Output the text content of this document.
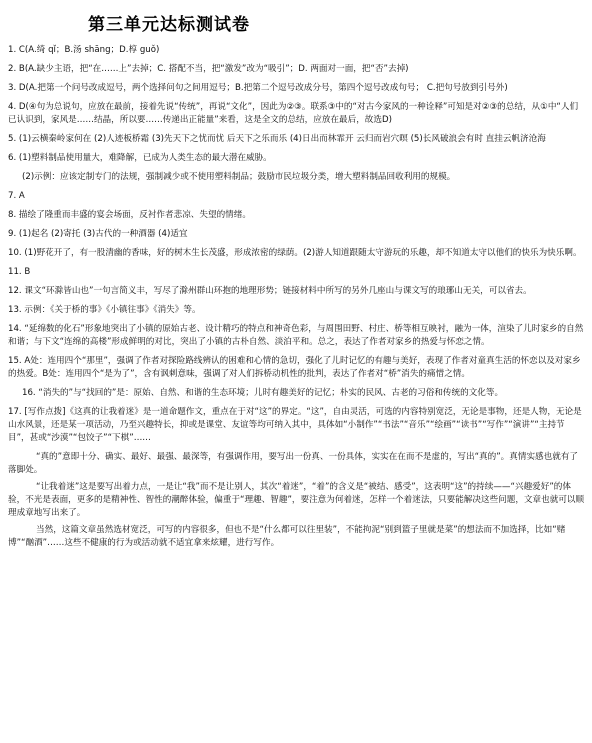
第三单元达标测试卷
1. C(A.绮 qǐ；B.汤 shāng；D.椁 guǒ)
2. B(A.缺少主语，把“在……上”去掉；C. 搭配不当，把“激发”改为“吸引”；D. 两面对一面，把“否”去掉)
3. D(A.把第一个问号改成逗号，两个选择问句之间用逗号；B.把第二个逗号改成分号，第四个逗号改成句号； C.把句号放到引号外)
4. D(④句为总说句，应放在最前，接着先说“传统”，再说“文化”，因此为②③。联系③中的“对古今家风的一种诠释”可知是对②③的总结，从①中“人们已认识到，家风是……结晶，所以要……传递出正能量”来看，这是全文的总结，应放在最后，故选D)
5. (1)云横秦岭家何在 (2)人迹板桥霜 (3)先天下之忧而忧 后天下之乐而乐 (4)日出而林霏开 云归而岩穴暝 (5)长风破浪会有时 直挂云帆济沧海
6. (1)塑料制品使用量大，难降解，已成为人类生态的最大潜在威胁。
(2)示例：应该定制专门的法规，强制减少或不使用塑料制品；鼓励市民垃圾分类，增大塑料制品回收利用的规模。
7. A
8. 描绘了隆重而丰盛的宴会场面，反衬作者悲凉、失望的情绪。
9. (1)起名 (2)寄托 (3)古代的一种酒器 (4)适宜
10. (1)野花开了，有一股清幽的香味，好的树木生长茂盛，形成浓密的绿荫。(2)游人知道跟随太守游玩的乐趣，却不知道太守以他们的快乐为快乐啊。
11. B
12. 课文“环滁皆山也”一句言简义丰，写尽了滁州群山环抱的地理形势；链接材料中所写的另外几座山与课文写的琅琊山无关，可以省去。
13. 示例：《关于桥的事》《小镇往事》《消失》等。
14. “延绵数的化石”形象地突出了小镇的原始古老、设计精巧的特点和神奇色彩，与周围田野、村庄、桥等相互映衬，融为一体，渲染了儿时家乡的自然和谐；与下文“连绵的高楼”形成鲜明的对比，突出了小镇的古朴自然、淡泊平和。总之，表达了作者对家乡的热爱与怀恋之情。
15. A处：连用四个“那里”，强调了作者对探险路线辨认的困难和心情的急切，强化了儿时记忆的有趣与美好，表现了作者对童真生活的怀恋以及对家乡的热爱。B处：连用四个“是为了”，含有讽刺意味，强调了对人们拆桥动机性的批判，表达了作者对“桥”消失的痛惜之情。
16. “消失的”与“找回的”是：原始、自然、和谐的生态环境；儿时有趣美好的记忆；朴实的民风、古老的习俗和传统的文化等。
17. [写作点拨]《这真的让我着迷》是一道命题作文，重点在于对“这”的界定。“这”，自由灵活，可选的内容特别宽泛，无论是事物，还是人物，无论是山水风景，还是某一项活动，乃至兴趣特长，抑或是课堂、友谊等均可纳入其中，具体如“小制作”“书法”“音乐”“绘画”“读书”“写作”“演讲”“主持节目”，甚或“沙漠”“包饺子”“下棋”……
“真的”意即十分、确实、最好、最强、最深等，有强调作用，要写出一份真、一份具体，实实在在而不是虚的，写出“真的”。真情实感也就有了落脚处。
“让我着迷”这是要写出着力点，一是让“我”而不是让别人，其次“着迷”，“着”的含义是“被结、感受”，这表明“这”的持续——“兴趣爱好”的体验，不光是表面，更多的是精神性、智性的潮醉体验，偏重于“理趣、智趣”，要注意为何着迷，怎样一个着迷法，只要能解决这些问题，文章也就可以顺理成章地写出来了。
当然，这篇文章虽然选材宽泛，可写的内容很多，但也不是“什么都可以往里装”，不能拘泥“别到篮子里就是菜”的想法而不加选择，比如“赌博”“酗酒”……这些不健康的行为或活动就不适宜拿来炫耀，进行写作。
